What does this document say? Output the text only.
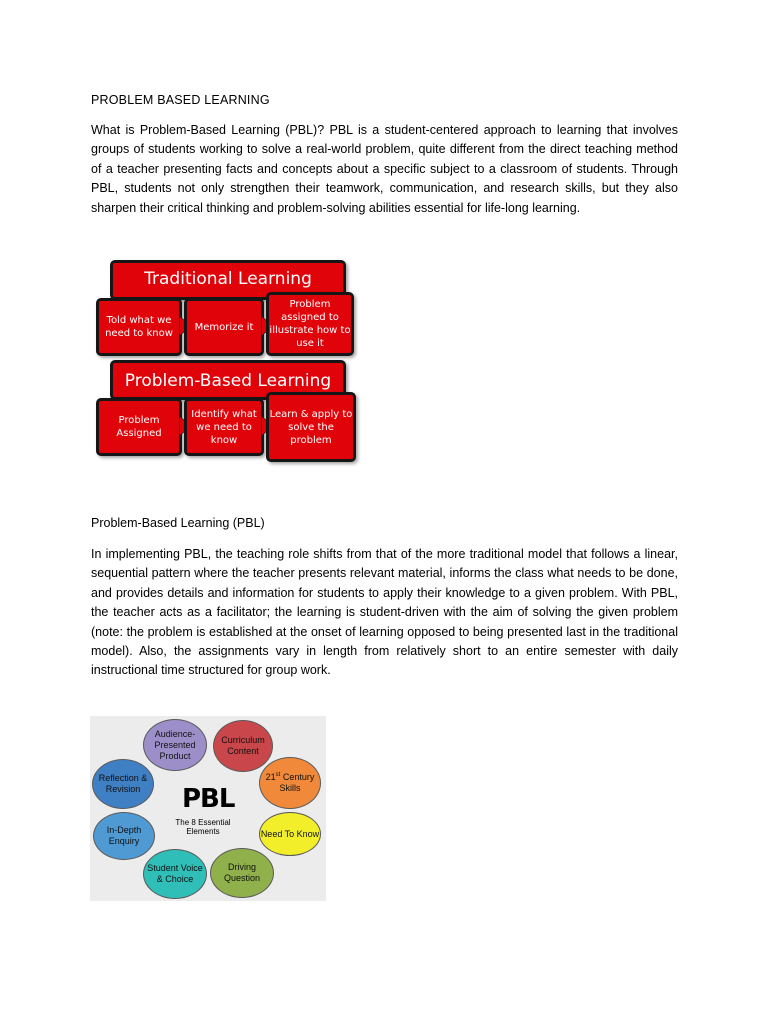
PROBLEM BASED LEARNING

What is Problem-Based Learning (PBL)? PBL is a student-centered approach to learning that involves groups of students working to solve a real-world problem, quite different from the direct teaching method of a teacher presenting facts and concepts about a specific subject to a classroom of students. Through PBL, students not only strengthen their teamwork, communication, and research skills, but they also sharpen their critical thinking and problem-solving abilities essential for life-long learning.

Traditional Learning
Told what we need to know
Memorize it
Problem assigned to illustrate how to use it
Problem-Based Learning
Problem Assigned
Identify what we need to know
Learn & apply to solve the problem
Problem-Based Learning (PBL)

In implementing PBL, the teaching role shifts from that of the more traditional model that follows a linear, sequential pattern where the teacher presents relevant material, informs the class what needs to be done, and provides details and information for students to apply their knowledge to a given problem. With PBL, the teacher acts as a facilitator; the learning is student-driven with the aim of solving the given problem (note: the problem is established at the onset of learning opposed to being presented last in the traditional model). Also, the assignments vary in length from relatively short to an entire semester with daily instructional time structured for group work.

Audience-Presented Product
Curriculum Content
21st Century Skills
Need To Know
Driving Question
Student Voice & Choice
In-Depth Enquiry
Reflection & Revision	PBL
The 8 Essential Elements
